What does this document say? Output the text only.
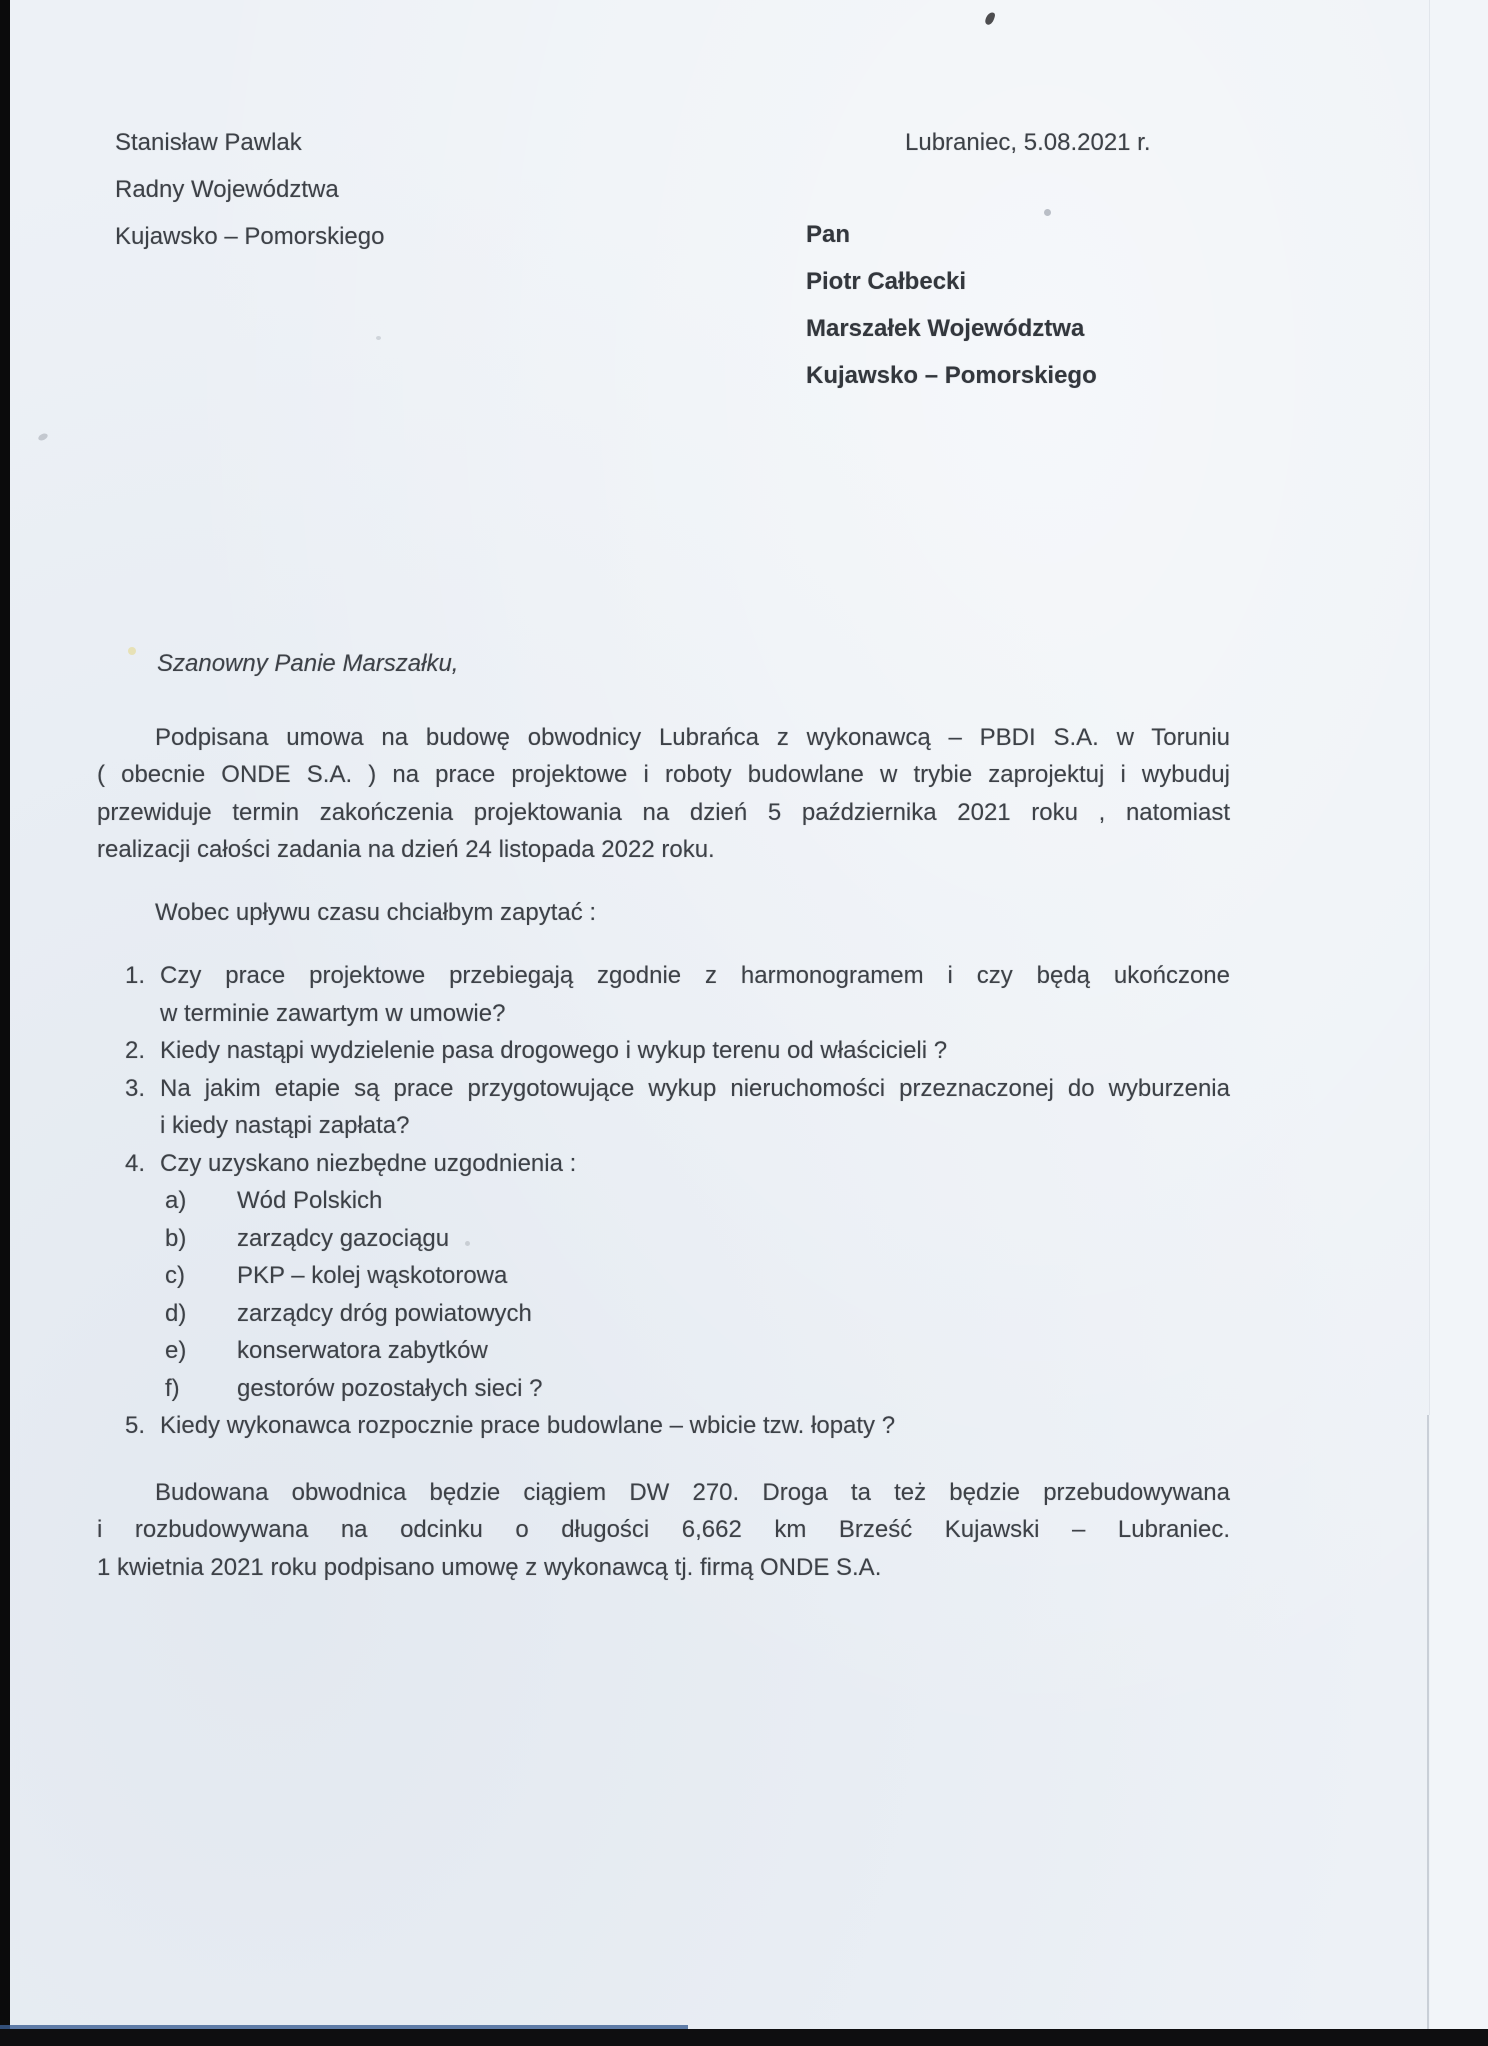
Stanisław Pawlak
Radny Województwa
Kujawsko – Pomorskiego
Lubraniec, 5.08.2021 r.
Pan
Piotr Całbecki
Marszałek Województwa
Kujawsko – Pomorskiego
Szanowny Panie Marszałku,
Podpisana umowa na budowę obwodnicy Lubrańca z wykonawcą – PBDI S.A. w Toruniu
( obecnie ONDE S.A. ) na prace projektowe i roboty budowlane w trybie zaprojektuj i wybuduj
przewiduje termin zakończenia projektowania na dzień 5 października 2021 roku , natomiast
realizacji całości zadania na dzień 24 listopada 2022 roku.
Wobec upływu czasu chciałbym zapytać :
1. Czy prace projektowe przebiegają zgodnie z harmonogramem i czy będą ukończone
w terminie zawartym w umowie?
2. Kiedy nastąpi wydzielenie pasa drogowego i wykup terenu od właścicieli ?
3. Na jakim etapie są prace przygotowujące wykup nieruchomości przeznaczonej do wyburzenia
i kiedy nastąpi zapłata?
4. Czy uzyskano niezbędne uzgodnienia :
a)	Wód Polskich
b)	zarządcy gazociągu
c)	PKP – kolej wąskotorowa
d)	zarządcy dróg powiatowych
e)	konserwatora zabytków
f)	gestorów pozostałych sieci ?
5. Kiedy wykonawca rozpocznie prace budowlane – wbicie tzw. łopaty ?
Budowana obwodnica będzie ciągiem DW 270. Droga ta też będzie przebudowywana
i rozbudowywana na odcinku o długości 6,662 km Brześć Kujawski – Lubraniec.
1 kwietnia 2021 roku podpisano umowę z wykonawcą tj. firmą ONDE S.A.
